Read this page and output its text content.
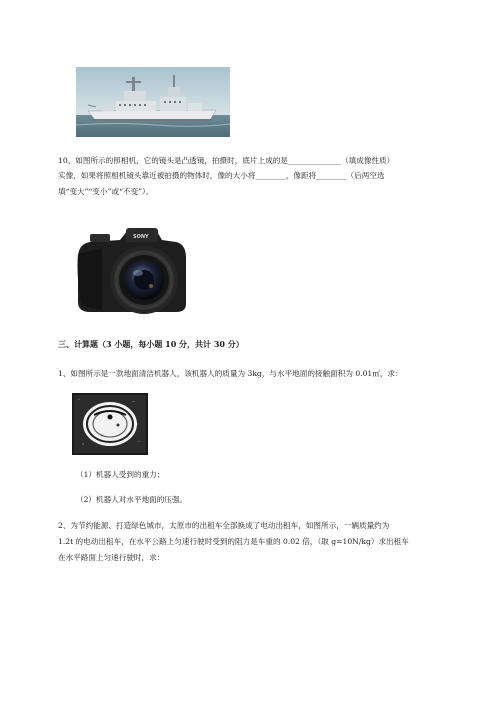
10、如图所示的照相机，它的镜头是凸透镜，拍摄时，底片上成的是______________（填成像性质）
实像，如果将照相机镜头靠近被拍摄的物体时，像的大小将________，像距将________（后两空选
填“变大”“变小”或“不变”）。
SONY
三、计算题（3 小题，每小题 10 分，共计 30 分）
1、如图所示是一款地面清洁机器人，该机器人的质量为 3kg，与水平地面的接触面积为 0.01㎡，求：
（1）机器人受到的重力；
（2）机器人对水平地面的压强。
2、为节约能源、打造绿色城市，太原市的出租车全部换成了电动出租车，如图所示，一辆质量约为
1.2t 的电动出租车，在水平公路上匀速行驶时受到的阻力是车重的 0.02 倍，（取 g=10N/kg）求出租车
在水平路面上匀速行驶时，求：
